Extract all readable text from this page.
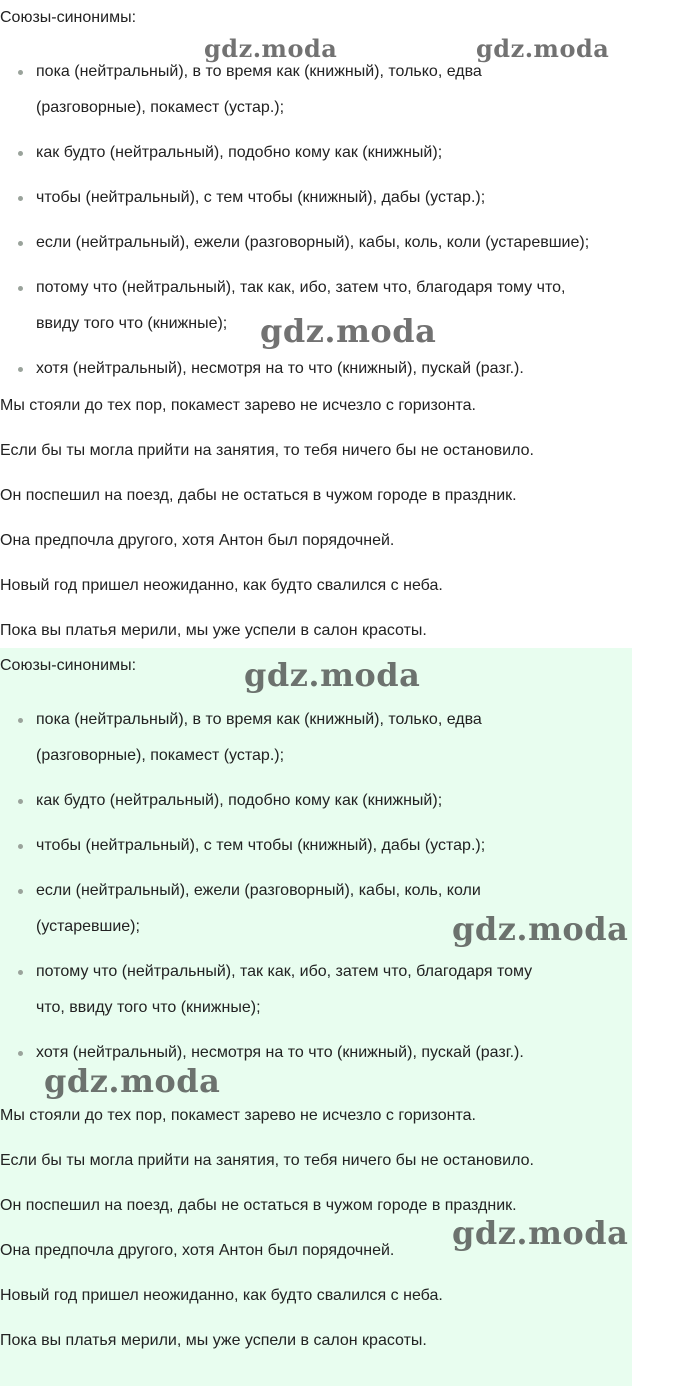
Союзы-синонимы:

пока (нейтральный), в то время как (книжный), только, едва
(разговорные), покамест (устар.);
как будто (нейтральный), подобно кому как (книжный);
чтобы (нейтральный), с тем чтобы (книжный), дабы (устар.);
если (нейтральный), ежели (разговорный), кабы, коль, коли (устаревшие);
потому что (нейтральный), так как, ибо, затем что, благодаря тому что,
ввиду того что (книжные);
хотя (нейтральный), несмотря на то что (книжный), пускай (разг.).

Мы стояли до тех пор, покамест зарево не исчезло с горизонта.

Если бы ты могла прийти на занятия, то тебя ничего бы не остановило.

Он поспешил на поезд, дабы не остаться в чужом городе в праздник.

Она предпочла другого, хотя Антон был порядочней.

Новый год пришел неожиданно, как будто свалился с неба.

Пока вы платья мерили, мы уже успели в салон красоты.

Союзы-синонимы:

пока (нейтральный), в то время как (книжный), только, едва
(разговорные), покамест (устар.);
как будто (нейтральный), подобно кому как (книжный);
чтобы (нейтральный), с тем чтобы (книжный), дабы (устар.);
если (нейтральный), ежели (разговорный), кабы, коль, коли
(устаревшие);
потому что (нейтральный), так как, ибо, затем что, благодаря тому
что, ввиду того что (книжные);
хотя (нейтральный), несмотря на то что (книжный), пускай (разг.).

Мы стояли до тех пор, покамест зарево не исчезло с горизонта.

Если бы ты могла прийти на занятия, то тебя ничего бы не остановило.

Он поспешил на поезд, дабы не остаться в чужом городе в праздник.

Она предпочла другого, хотя Антон был порядочней.

Новый год пришел неожиданно, как будто свалился с неба.

Пока вы платья мерили, мы уже успели в салон красоты.

gdz.moda	gdz.moda
gdz.moda
gdz.moda
gdz.moda
gdz.moda
gdz.moda
